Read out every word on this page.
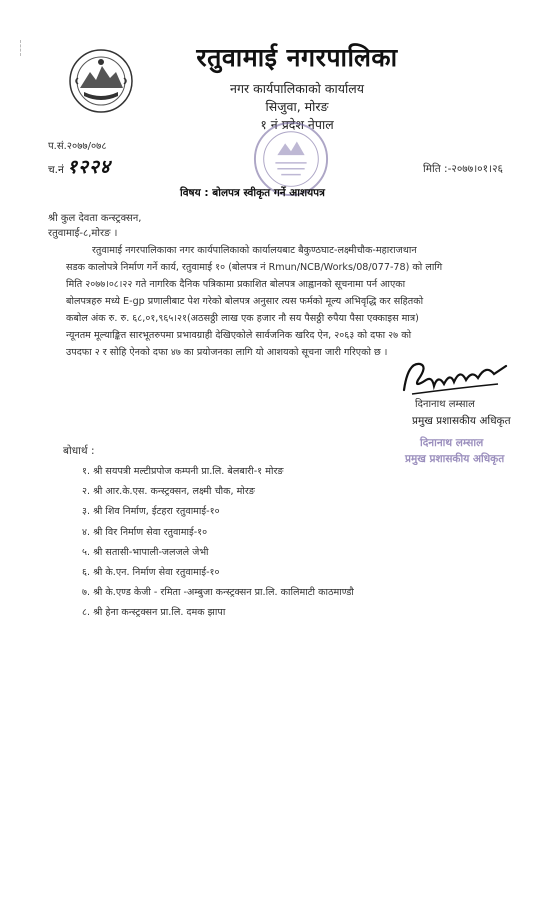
रतुवामाई नगरपालिका
नगर कार्यपालिकाको कार्यालय
सिजुवा, मोरङ
१ नं प्रदेश नेपाल
प.सं.२०७७/०७८
च.नं १२२४	मिति :-२०७७।०१।२६
विषय : बोलपत्र स्वीकृत गर्ने आशयपत्र
श्री कुल देवता कन्स्ट्रक्सन,
रतुवामाई-८,मोरङ ।
रतुवामाई नगरपालिकाका नगर कार्यपालिकाको कार्यालयबाट बैकुण्ठघाट-लक्ष्मीचौक-महाराजथान
सडक कालोपत्रे निर्माण गर्ने कार्य, रतुवामाई १० (बोलपत्र नं Rmun/NCB/Works/08/077-78) को लागि
मिति २०७७।०८।२२ गते नागरिक दैनिक पत्रिकामा प्रकाशित बोलपत्र आह्वानको सूचनामा पर्न आएका
बोलपत्रहरु मध्ये E-gp प्रणालीबाट पेश गरेको बोलपत्र अनुसार त्यस फर्मको मूल्य अभिवृद्धि कर सहितको
कबोल अंक रु. रु. ६८,०१,९६५।२१(अठसठ्ठी लाख एक हजार नौ सय पैसठ्ठी रुपैया पैसा एक्काइस मात्र)
न्यूनतम मूल्याङ्कित सारभूतरुपमा प्रभावग्राही देखिएकोले सार्वजनिक खरिद ऐन, २०६३ को दफा २७ को
उपदफा २ र सोहि ऐनको दफा ४७ का प्रयोजनका लागि यो आशयको सूचना जारी गरिएको छ ।
दिनानाथ लम्साल
प्रमुख प्रशासकीय अधिकृत
दिनानाथ लम्साल
प्रमुख प्रशासकीय अधिकृत
बोधार्थ :
१. श्री सयपत्री मल्टीप्रपोज कम्पनी प्रा.लि. बेलबारी-१ मोरङ
२. श्री आर.के.एस. कन्स्ट्रक्सन, लक्ष्मी चौक, मोरङ
३. श्री शिव निर्माण, ईटहरा रतुवामाई-१०
४. श्री विर निर्माण सेवा रतुवामाई-१०
५. श्री सतासी-भापाली-जलजले जेभी
६. श्री के.एन. निर्माण सेवा रतुवामाई-१०
७. श्री के.एण्ड केजी - रमिता -अम्बुजा कन्स्ट्रक्सन प्रा.लि. कालिमाटी काठमाण्डौ
८. श्री हेना कन्स्ट्रक्सन प्रा.लि. दमक झापा
